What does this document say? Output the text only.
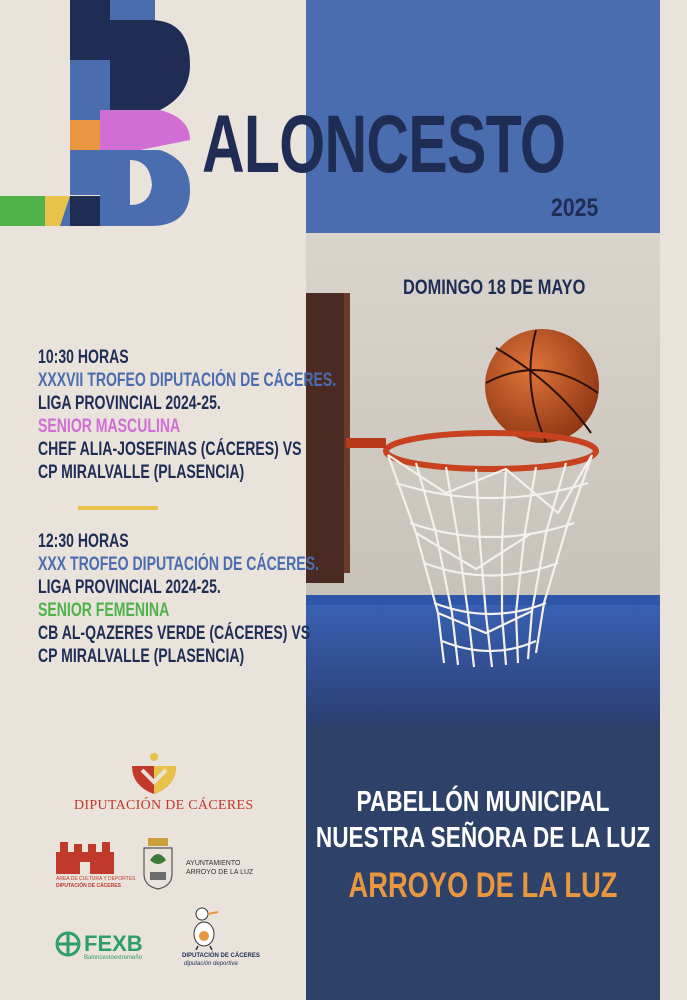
ALONCESTO
2025
DOMINGO 18 DE MAYO
10:30 HORAS
XXXVII TROFEO DIPUTACIÓN DE CÁCERES.
LIGA PROVINCIAL 2024-25.
SENIOR MASCULINA
CHEF ALIA-JOSEFINAS (CÁCERES) VS
CP MIRALVALLE (PLASENCIA)
12:30 HORAS
XXX TROFEO DIPUTACIÓN DE CÁCERES.
LIGA PROVINCIAL 2024-25.
SENIOR FEMENINA
CB AL-QAZERES VERDE (CÁCERES) VS
CP MIRALVALLE (PLASENCIA)
PABELLÓN MUNICIPAL
NUESTRA SEÑORA DE LA LUZ
ARROYO DE LA LUZ
DIPUTACIÓN DE CÁCERES
ÁREA DE CULTURA Y DEPORTES
DIPUTACIÓN DE CÁCERES
AYUNTAMIENTO
ARROYO DE LA LUZ
FEXB
Baloncestoextremeño	DIPUTACIÓN DE CÁCERES
diputación deportiva
